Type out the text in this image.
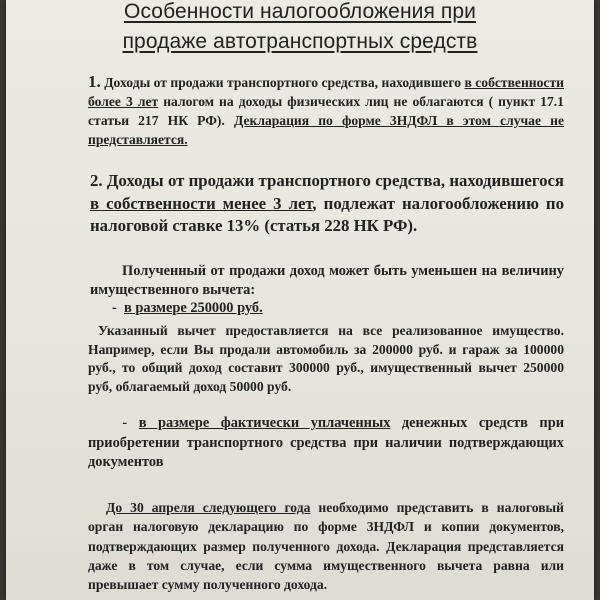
Особенности налогообложения при
продаже автотранспортных средств
1. Доходы от продажи транспортного средства, находившего в собственности более 3 лет налогом на доходы физических лиц не облагаются ( пункт 17.1 статьи 217 НК РФ). Декларация по форме 3НДФЛ в этом случае не представляется.
2. Доходы от продажи транспортного средства, находившегося в собственности менее 3 лет, подлежат налогообложению по налоговой ставке 13% (статья 228 НК РФ).
Полученный от продажи доход может быть уменьшен на величину имущественного вычета:
- в размере 250000 руб.
Указанный вычет предоставляется на все реализованное имущество. Например, если Вы продали автомобиль за 200000 руб. и гараж за 100000 руб., то общий доход составит 300000 руб., имущественный вычет 250000 руб, облагаемый доход 50000 руб.
- в размере фактически уплаченных денежных средств при приобретении транспортного средства при наличии подтверждающих документов
До 30 апреля следующего года необходимо представить в налоговый орган налоговую декларацию по форме 3НДФЛ и копии документов, подтверждающих размер полученного дохода. Декларация представляется даже в том случае, если сумма имущественного вычета равна или превышает сумму полученного дохода.
